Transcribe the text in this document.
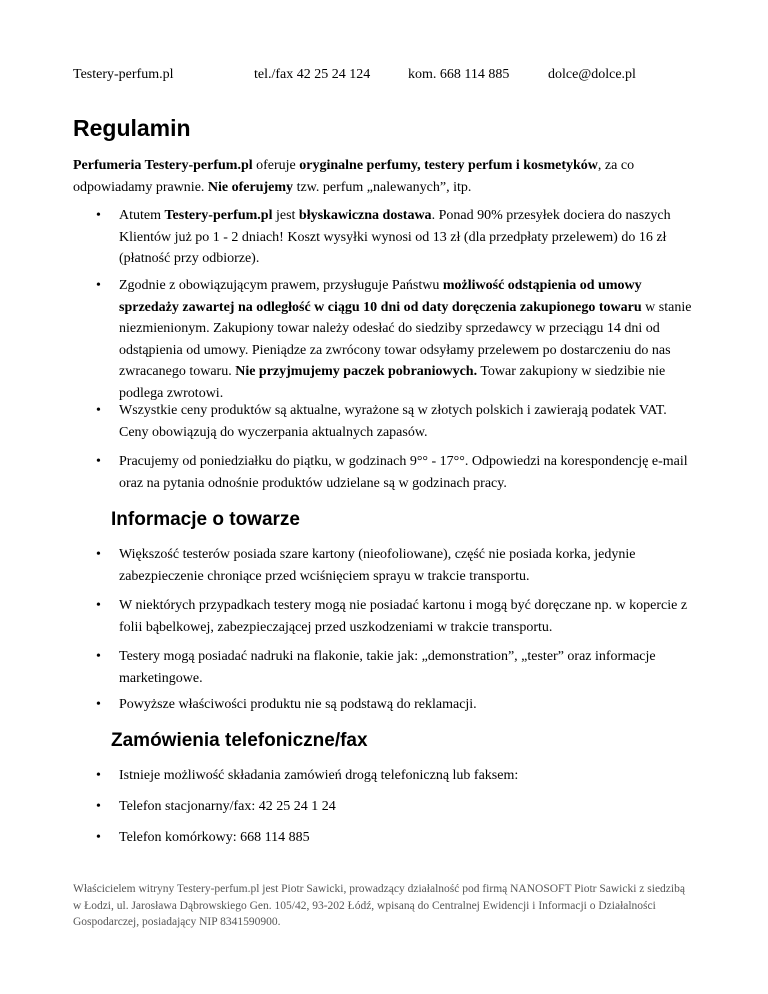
Testery-perfum.pl	tel./fax 42 25 24 124	kom. 668 114 885	dolce@dolce.pl
Regulamin
Perfumeria Testery-perfum.pl oferuje oryginalne perfumy, testery perfum i kosmetyków, za co odpowiadamy prawnie. Nie oferujemy tzw. perfum „nalewanych”, itp.
• Atutem Testery-perfum.pl jest błyskawiczna dostawa. Ponad 90% przesyłek dociera do naszych Klientów już po 1 - 2 dniach! Koszt wysyłki wynosi od 13 zł (dla przedpłaty przelewem) do 16 zł (płatność przy odbiorze).
• Zgodnie z obowiązującym prawem, przysługuje Państwu możliwość odstąpienia od umowy sprzedaży zawartej na odległość w ciągu 10 dni od daty doręczenia zakupionego towaru w stanie niezmienionym. Zakupiony towar należy odesłać do siedziby sprzedawcy w przeciągu 14 dni od odstąpienia od umowy. Pieniądze za zwrócony towar odsyłamy przelewem po dostarczeniu do nas zwracanego towaru. Nie przyjmujemy paczek pobraniowych. Towar zakupiony w siedzibie nie podlega zwrotowi.
• Wszystkie ceny produktów są aktualne, wyrażone są w złotych polskich i zawierają podatek VAT. Ceny obowiązują do wyczerpania aktualnych zapasów.
• Pracujemy od poniedziałku do piątku, w godzinach 9°° - 17°°. Odpowiedzi na korespondencję e-mail oraz na pytania odnośnie produktów udzielane są w godzinach pracy.
Informacje o towarze
• Większość testerów posiada szare kartony (nieofoliowane), część nie posiada korka, jedynie zabezpieczenie chroniące przed wciśnięciem sprayu w trakcie transportu.
• W niektórych przypadkach testery mogą nie posiadać kartonu i mogą być doręczane np. w kopercie z folii bąbelkowej, zabezpieczającej przed uszkodzeniami w trakcie transportu.
• Testery mogą posiadać nadruki na flakonie, takie jak: „demonstration”, „tester” oraz informacje marketingowe.
• Powyższe właściwości produktu nie są podstawą do reklamacji.
Zamówienia telefoniczne/fax
• Istnieje możliwość składania zamówień drogą telefoniczną lub faksem:
• Telefon stacjonarny/fax: 42 25 24 1 24
• Telefon komórkowy: 668 114 885
Właścicielem witryny Testery-perfum.pl jest Piotr Sawicki, prowadzący działalność pod firmą NANOSOFT Piotr Sawicki z siedzibą w Łodzi, ul. Jarosława Dąbrowskiego Gen. 105/42, 93-202 Łódź, wpisaną do Centralnej Ewidencji i Informacji o Działalności Gospodarczej, posiadający NIP 8341590900.
